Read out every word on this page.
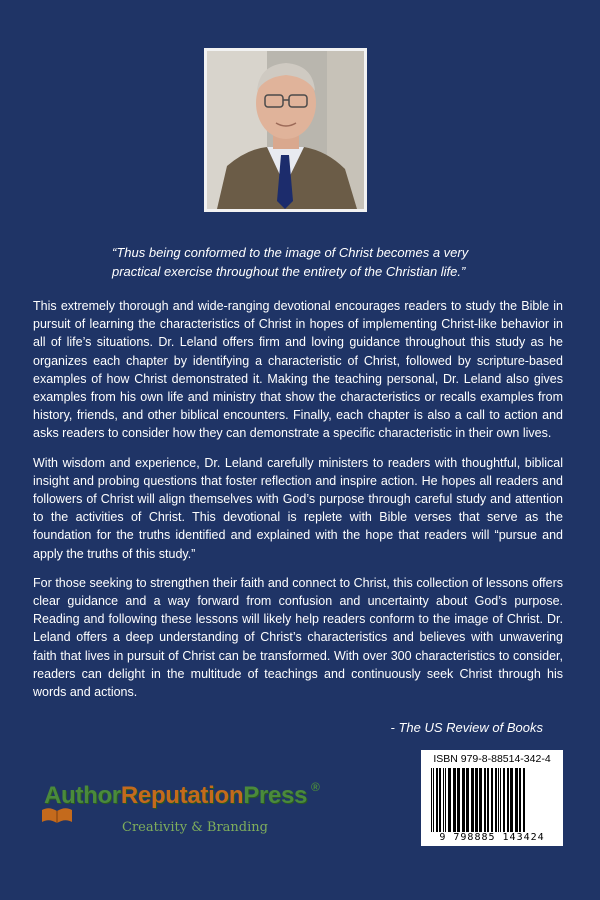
“Thus being conformed to the image of Christ becomes a very practical exercise throughout the entirety of the Christian life.”

This extremely thorough and wide-ranging devotional encourages readers to study the Bible in pursuit of learning the characteristics of Christ in hopes of implementing Christ-like behavior in all of life’s situations. Dr. Leland offers firm and loving guidance throughout this study as he organizes each chapter by identifying a characteristic of Christ, followed by scripture-based examples of how Christ demonstrated it. Making the teaching personal, Dr. Leland also gives examples from his own life and ministry that show the characteristics or recalls examples from history, friends, and other biblical encounters. Finally, each chapter is also a call to action and asks readers to consider how they can demonstrate a specific characteristic in their own lives.

With wisdom and experience, Dr. Leland carefully ministers to readers with thoughtful, biblical insight and probing questions that foster reflection and inspire action. He hopes all readers and followers of Christ will align themselves with God’s purpose through careful study and attention to the activities of Christ. This devotional is replete with Bible verses that serve as the foundation for the truths identified and explained with the hope that readers will “pursue and apply the truths of this study.”

For those seeking to strengthen their faith and connect to Christ, this collection of lessons offers clear guidance and a way forward from confusion and uncertainty about God’s purpose. Reading and following these lessons will likely help readers conform to the image of Christ. Dr. Leland offers a deep understanding of Christ’s characteristics and believes with unwavering faith that lives in pursuit of Christ can be transformed. With over 300 characteristics to consider, readers can delight in the multitude of teachings and continuously seek Christ through his words and actions.

- The US Review of Books
AuthorReputationPress ®
Creativity & Branding
ISBN 979-8-88514-342-4
9 798885 143424
